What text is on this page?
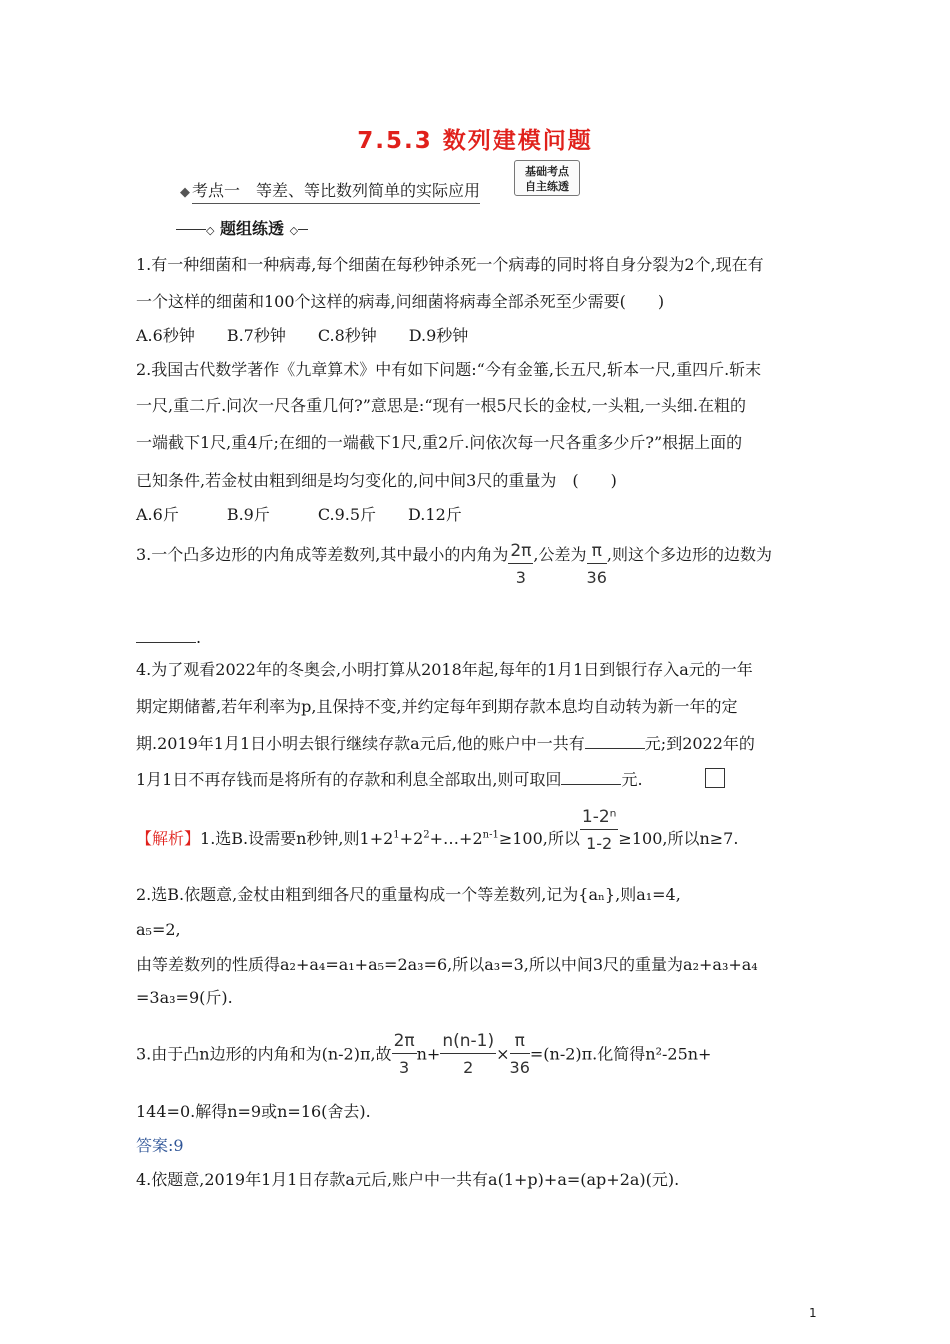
7.5.3 数列建模问题
◆ 考点一　等差、等比数列简单的实际应用
基础考点
自主练透
◇ 题组练透 ◇
1.有一种细菌和一种病毒,每个细菌在每秒钟杀死一个病毒的同时将自身分裂为2个,现在有
一个这样的细菌和100个这样的病毒,问细菌将病毒全部杀死至少需要(　　)
A.6秒钟　　B.7秒钟　　C.8秒钟　　D.9秒钟
2.我国古代数学著作《九章算术》中有如下问题:“今有金箠,长五尺,斩本一尺,重四斤.斩末
一尺,重二斤.问次一尺各重几何?”意思是:“现有一根5尺长的金杖,一头粗,一头细.在粗的
一端截下1尺,重4斤;在细的一端截下1尺,重2斤.问依次每一尺各重多少斤?”根据上面的
已知条件,若金杖由粗到细是均匀变化的,问中间3尺的重量为　(　　)
A.6斤　　　B.9斤　　　C.9.5斤　　D.12斤
3.一个凸多边形的内角成等差数列,其中最小的内角为 $\frac{2\pi}{3}$ ,公差为 $\frac{\pi}{36}$ ,则这个多边形的边数为
.
4.为了观看2022年的冬奥会,小明打算从2018年起,每年的1月1日到银行存入a元的一年
期定期储蓄,若年利率为p,且保持不变,并约定每年到期存款本息均自动转为新一年的定
期.2019年1月1日小明去银行继续存款a元后,他的账户中一共有	元;到2022年的
1月1日不再存钱而是将所有的存款和利息全部取出,则可取回	元.
【解析】1.选B.设需要n秒钟,则$1+2^1+2^2+\dots+2^{n-1}\ge 100$,所以 $\frac{\text{1-2ⁿ}}{1-2} \ge 100$,所以n≥7.
2.选B.依题意,金杖由粗到细各尺的重量构成一个等差数列,记为{aₙ},则a₁=4,
a₅=2,
由等差数列的性质得a₂+a₄=a₁+a₅=2a₃=6,所以a₃=3,所以中间3尺的重量为a₂+a₃+a₄
=3a₃=9(斤).
3.由于凸n边形的内角和为(n-2)π,故 $\frac{2\pi}{3} n+ \frac{n(n-1)}{2} \times \frac{\pi}{36} =(n-2)\pi$.化简得n²-25n+
144=0.解得n=9或n=16(舍去).
答案:9
4.依题意,2019年1月1日存款a元后,账户中一共有a(1+p)+a=(ap+2a)(元).
1
